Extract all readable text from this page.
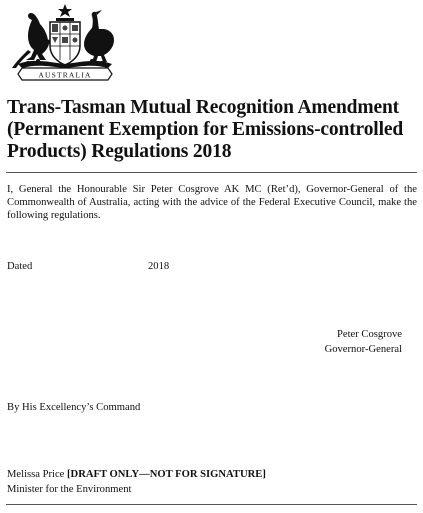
AUSTRALIA
Trans-Tasman Mutual Recognition Amendment (Permanent Exemption for Emissions-controlled Products) Regulations 2018

I, General the Honourable Sir Peter Cosgrove AK MC (Ret’d), Governor-General of the Commonwealth of Australia, acting with the advice of the Federal Executive Council, make the following regulations.

Dated	2018
Peter Cosgrove
Governor-General
By His Excellency’s Command
Melissa Price [DRAFT ONLY—NOT FOR SIGNATURE]
Minister for the Environment
